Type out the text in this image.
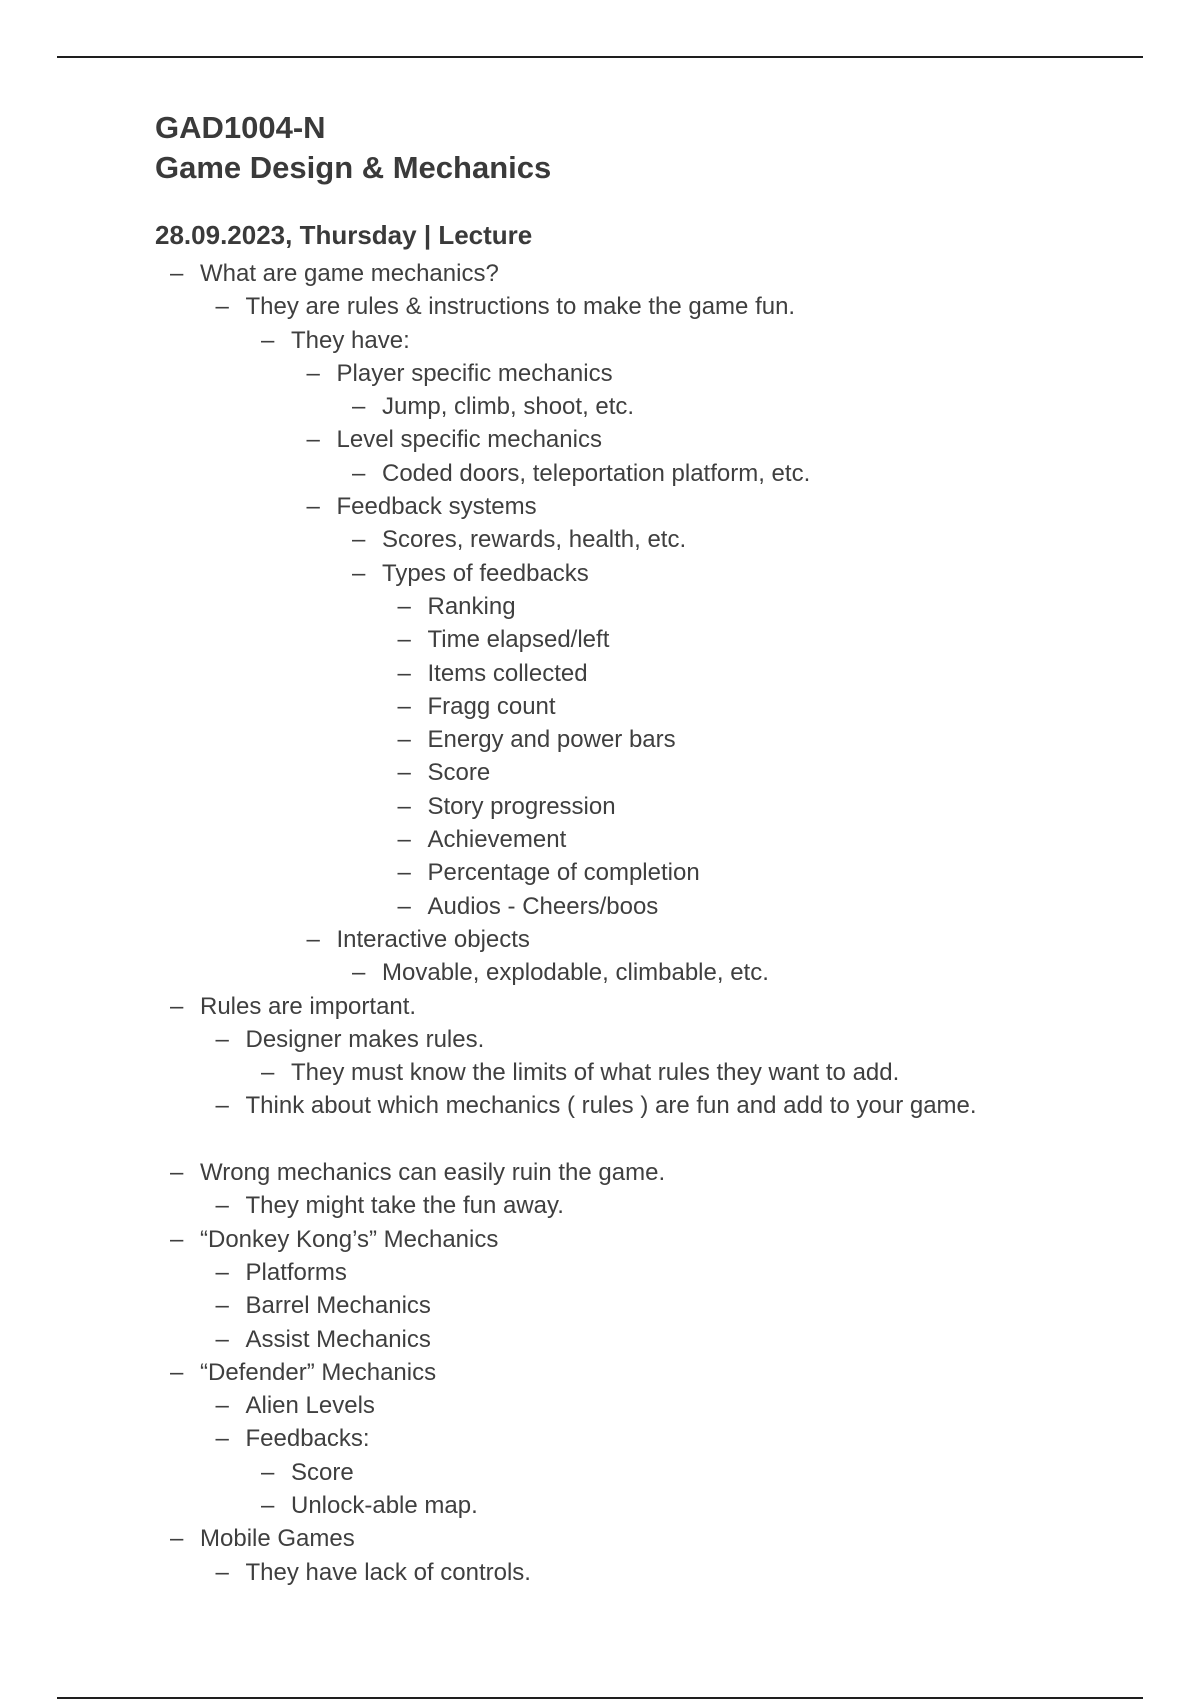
GAD1004-N
Game Design & Mechanics
28.09.2023, Thursday | Lecture
– What are game mechanics?
– They are rules & instructions to make the game fun.
– They have:
– Player specific mechanics
– Jump, climb, shoot, etc.
– Level specific mechanics
– Coded doors, teleportation platform, etc.
– Feedback systems
– Scores, rewards, health, etc.
– Types of feedbacks
– Ranking
– Time elapsed/left
– Items collected
– Fragg count
– Energy and power bars
– Score
– Story progression
– Achievement
– Percentage of completion
– Audios - Cheers/boos
– Interactive objects
– Movable, explodable, climbable, etc.
– Rules are important.
– Designer makes rules.
– They must know the limits of what rules they want to add.
– Think about which mechanics ( rules ) are fun and add to your game.
– Wrong mechanics can easily ruin the game.
– They might take the fun away.
– “Donkey Kong’s” Mechanics
– Platforms
– Barrel Mechanics
– Assist Mechanics
– “Defender” Mechanics
– Alien Levels
– Feedbacks:
– Score
– Unlock-able map.
– Mobile Games
– They have lack of controls.
